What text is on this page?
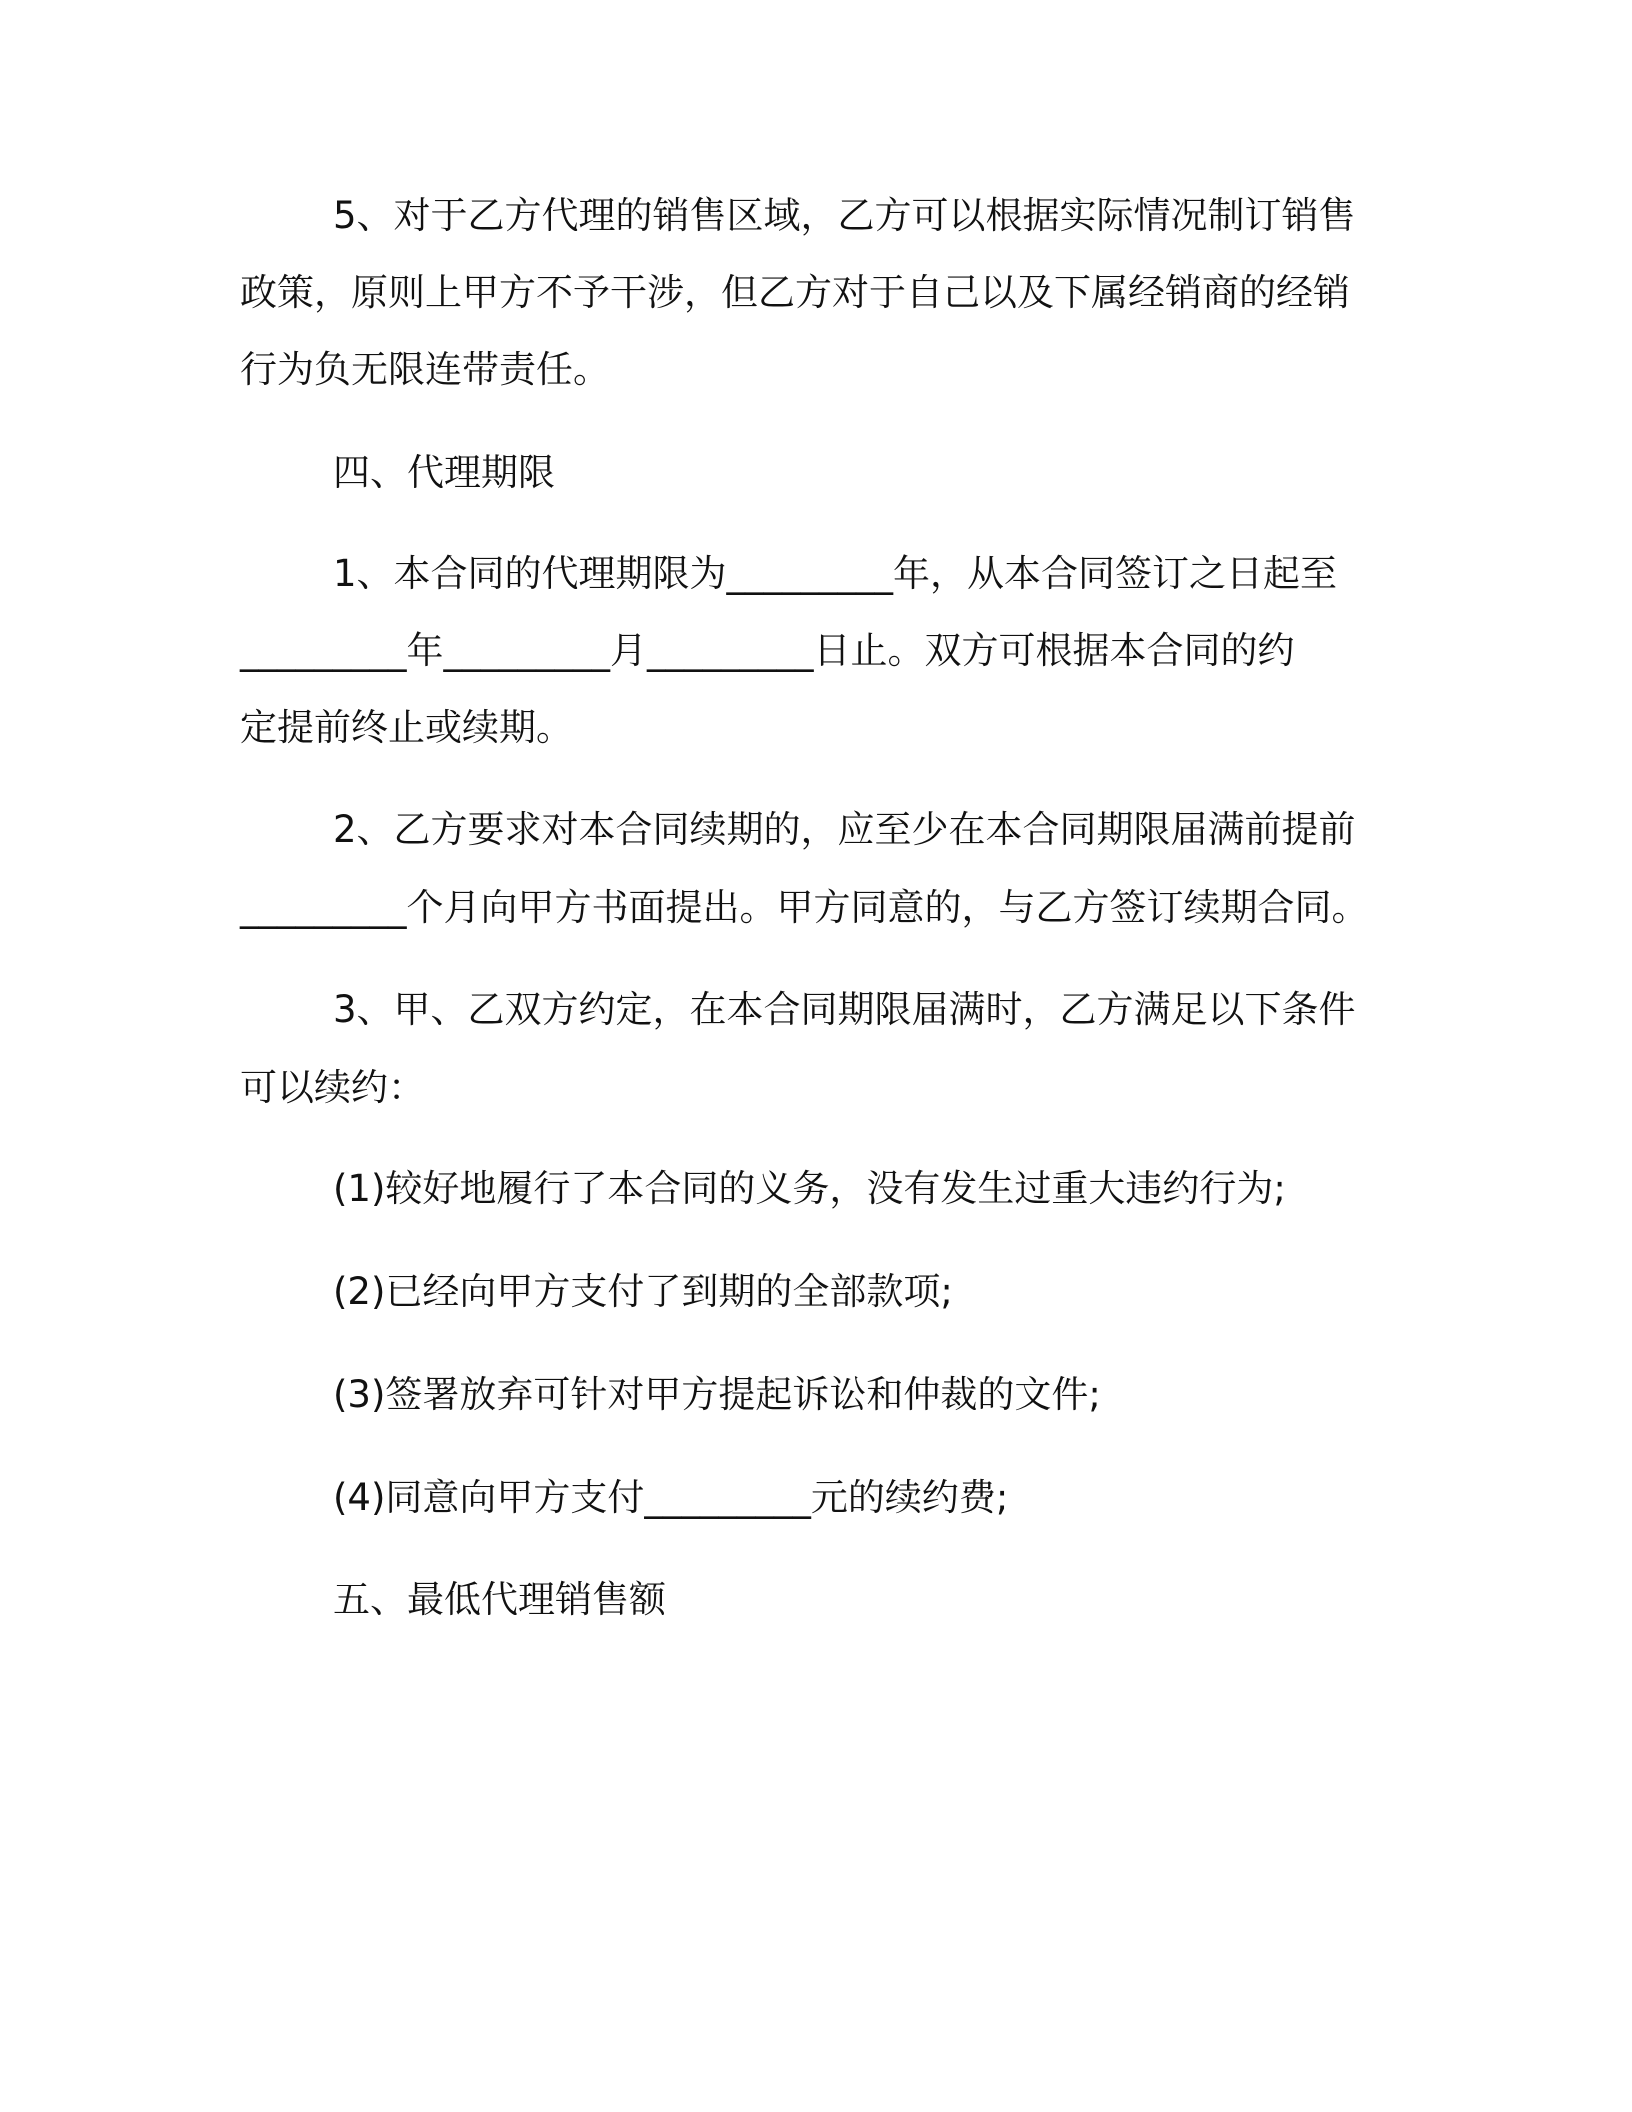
5、对于乙方代理的销售区域，乙方可以根据实际情况制订销售
政策，原则上甲方不予干涉，但乙方对于自己以及下属经销商的经销
行为负无限连带责任。
四、代理期限
1、本合同的代理期限为_________年，从本合同签订之日起至
_________年_________月_________日止。双方可根据本合同的约
定提前终止或续期。
2、乙方要求对本合同续期的，应至少在本合同期限届满前提前
_________个月向甲方书面提出。甲方同意的，与乙方签订续期合同。
3、甲、乙双方约定，在本合同期限届满时，乙方满足以下条件
可以续约：
(1)较好地履行了本合同的义务，没有发生过重大违约行为;
(2)已经向甲方支付了到期的全部款项;
(3)签署放弃可针对甲方提起诉讼和仲裁的文件;
(4)同意向甲方支付_________元的续约费;
五、最低代理销售额
